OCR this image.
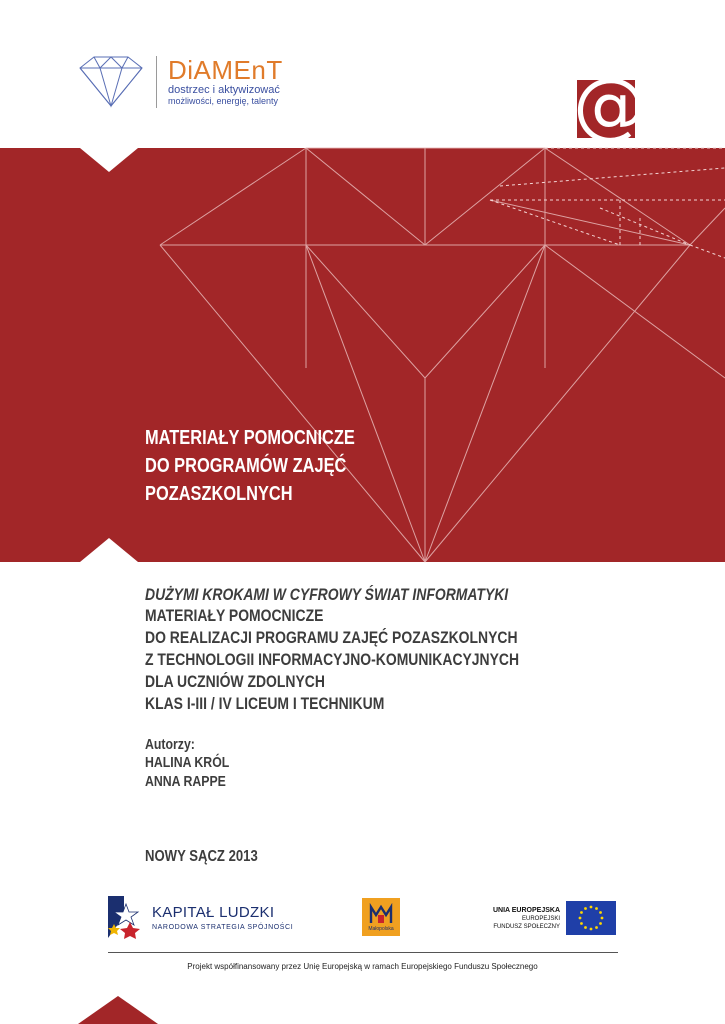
DiAMEnT
dostrzec i aktywizować
możliwości, energię, talenty	@
MATERIAŁY POMOCNICZE
DO PROGRAMÓW ZAJĘĆ
POZASZKOLNYCH
DUŻYMI KROKAMI W CYFROWY ŚWIAT INFORMATYKI
MATERIAŁY POMOCNICZE
DO REALIZACJI PROGRAMU ZAJĘĆ POZASZKOLNYCH
Z TECHNOLOGII INFORMACYJNO-KOMUNIKACYJNYCH
DLA UCZNIÓW ZDOLNYCH
KLAS I-III / IV LICEUM I TECHNIKUM
Autorzy:
HALINA KRÓL
ANNA RAPPE
NOWY SĄCZ 2013
KAPITAŁ LUDZKI
NARODOWA STRATEGIA SPÓJNOŚCI	Małopolska
UNIA EUROPEJSKA
EUROPEJSKI
FUNDUSZ SPOŁECZNY
Projekt współfinansowany przez Unię Europejską w ramach Europejskiego Funduszu Społecznego
